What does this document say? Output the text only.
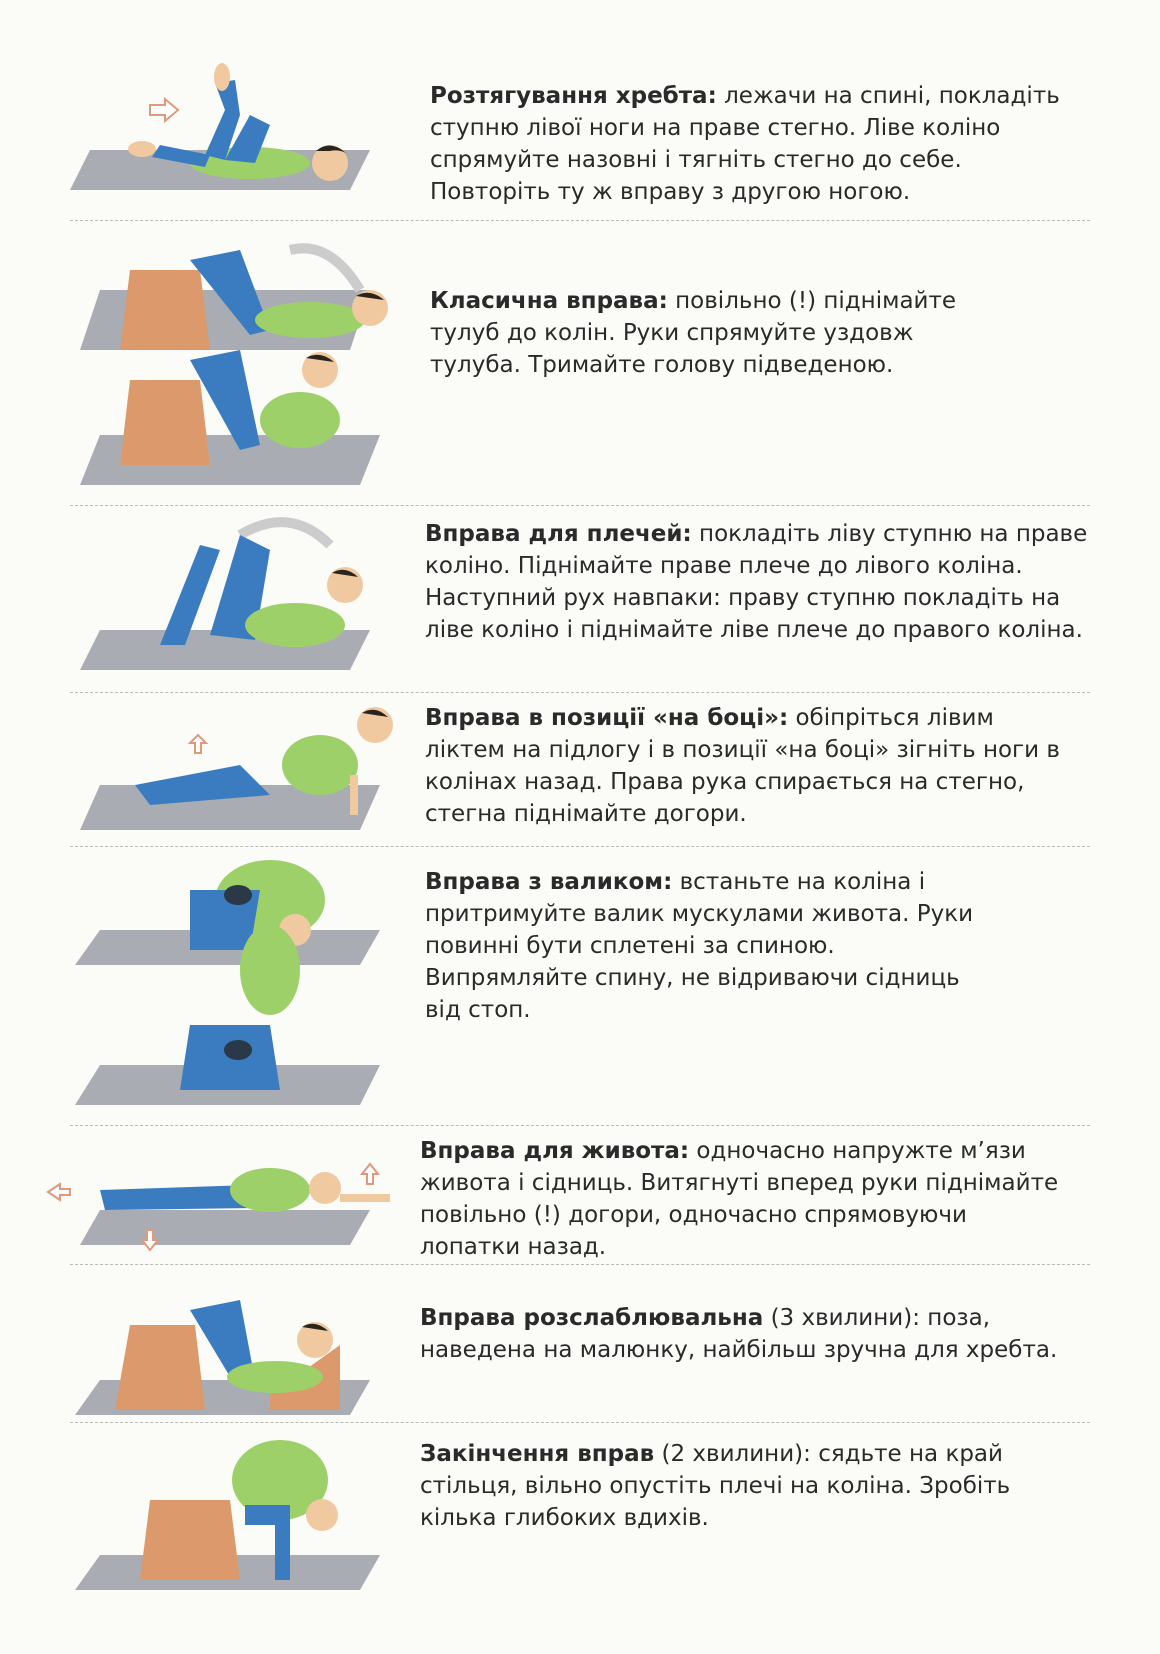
Розтягування хребта: лежачи на спині, покладіть ступню лівої ноги на праве стегно. Ліве коліно спрямуйте назовні і тягніть стегно до себе. Повторіть ту ж вправу з другою ногою.

Класична вправа: повільно (!) піднімайте тулуб до колін. Руки спрямуйте уздовж тулуба. Тримайте голову підведеною.

Вправа для плечей: покладіть ліву ступню на праве коліно. Піднімайте праве плече до лівого коліна. Наступний рух навпаки: праву ступню покладіть на ліве коліно і піднімайте ліве плече до правого коліна.

Вправа в позиції «на боці»: обіпріться лівим ліктем на підлогу і в позиції «на боці» зігніть ноги в колінах назад. Права рука спирається на стегно, стегна піднімайте догори.

Вправа з валиком: встаньте на коліна і притримуйте валик мускулами живота. Руки повинні бути сплетені за спиною. Випрямляйте спину, не відриваючи сідниць від стоп.

Вправа для живота: одночасно напружте м’язи живота і сідниць. Витягнуті вперед руки піднімайте повільно (!) догори, одночасно спрямовуючи лопатки назад.

Вправа розслаблювальна (3 хвилини): поза, наведена на малюнку, найбільш зручна для хребта.

Закінчення вправ (2 хвилини): сядьте на край стільця, вільно опустіть плечі на коліна. Зробіть кілька глибоких вдихів.
